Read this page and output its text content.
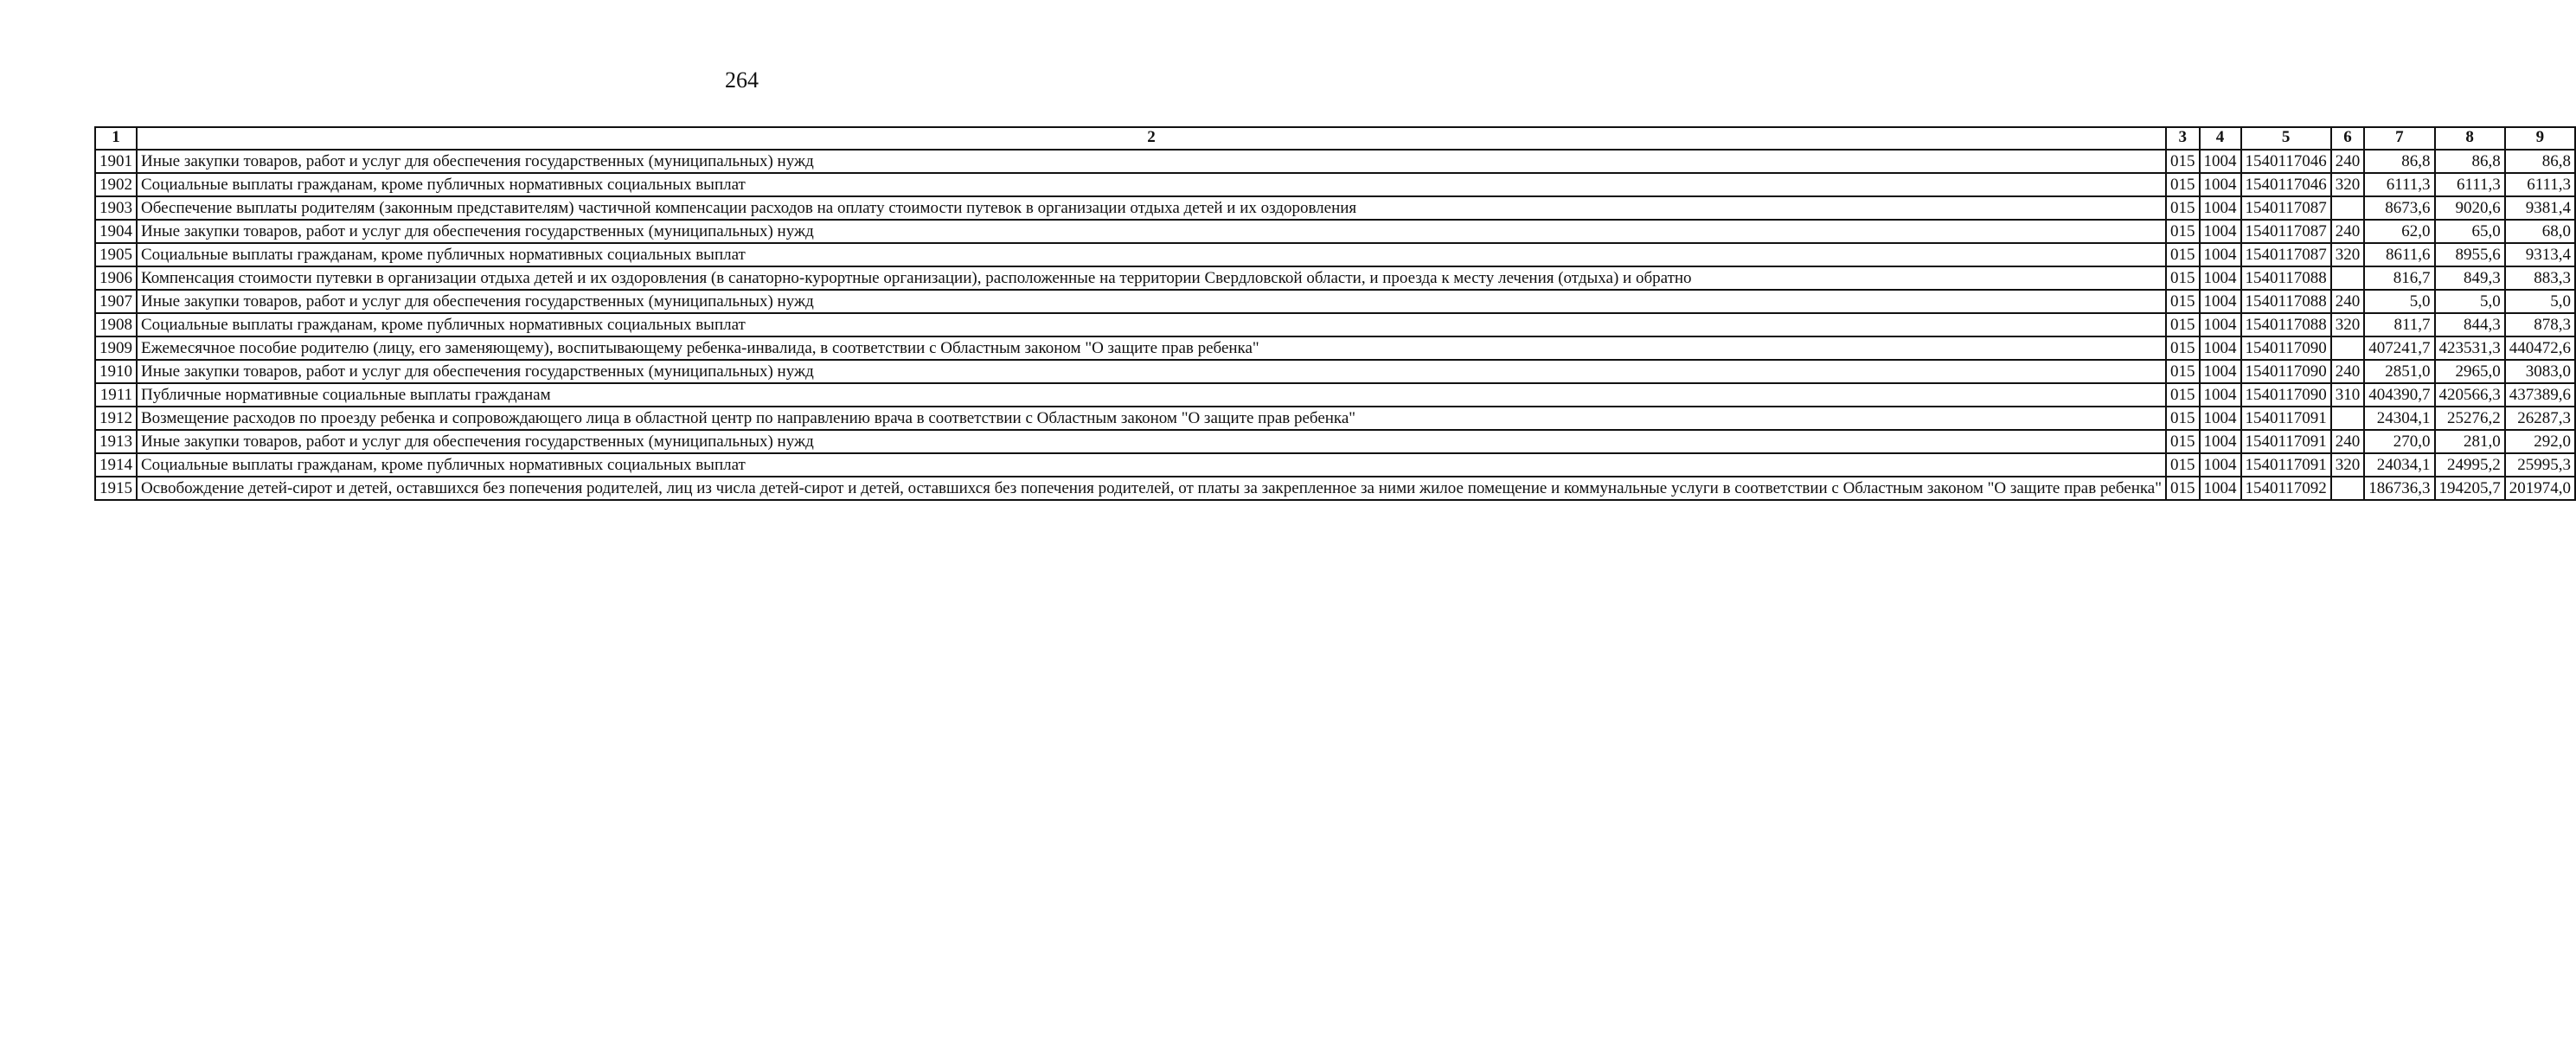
264
1	2	3	4	5	6	7	8	9
1901	Иные закупки товаров, работ и услуг для обеспечения государственных (муниципальных) нужд	015	1004	1540117046	240	86,8	86,8	86,8
1902	Социальные выплаты гражданам, кроме публичных нормативных социальных выплат	015	1004	1540117046	320	6111,3	6111,3	6111,3
1903	Обеспечение выплаты родителям (законным представителям) частичной компенсации расходов на оплату стоимости путевок в организации отдыха детей и их оздоровления	015	1004	1540117087		8673,6	9020,6	9381,4
1904	Иные закупки товаров, работ и услуг для обеспечения государственных (муниципальных) нужд	015	1004	1540117087	240	62,0	65,0	68,0
1905	Социальные выплаты гражданам, кроме публичных нормативных социальных выплат	015	1004	1540117087	320	8611,6	8955,6	9313,4
1906	Компенсация стоимости путевки в организации отдыха детей и их оздоровления (в санаторно-курортные организации), расположенные на территории Свердловской области, и проезда к месту лечения (отдыха) и обратно	015	1004	1540117088		816,7	849,3	883,3
1907	Иные закупки товаров, работ и услуг для обеспечения государственных (муниципальных) нужд	015	1004	1540117088	240	5,0	5,0	5,0
1908	Социальные выплаты гражданам, кроме публичных нормативных социальных выплат	015	1004	1540117088	320	811,7	844,3	878,3
1909	Ежемесячное пособие родителю (лицу, его заменяющему), воспитывающему ребенка-инвалида, в соответствии с Областным законом "О защите прав ребенка"	015	1004	1540117090		407241,7	423531,3	440472,6
1910	Иные закупки товаров, работ и услуг для обеспечения государственных (муниципальных) нужд	015	1004	1540117090	240	2851,0	2965,0	3083,0
1911	Публичные нормативные социальные выплаты гражданам	015	1004	1540117090	310	404390,7	420566,3	437389,6
1912	Возмещение расходов по проезду ребенка и сопровождающего лица в областной центр по направлению врача в соответствии с Областным законом "О защите прав ребенка"	015	1004	1540117091		24304,1	25276,2	26287,3
1913	Иные закупки товаров, работ и услуг для обеспечения государственных (муниципальных) нужд	015	1004	1540117091	240	270,0	281,0	292,0
1914	Социальные выплаты гражданам, кроме публичных нормативных социальных выплат	015	1004	1540117091	320	24034,1	24995,2	25995,3
1915	Освобождение детей-сирот и детей, оставшихся без попечения родителей, лиц из числа детей-сирот и детей, оставшихся без попечения родителей, от платы за закрепленное за ними жилое помещение и коммунальные услуги в соответствии с Областным законом "О защите прав ребенка"	015	1004	1540117092		186736,3	194205,7	201974,0
